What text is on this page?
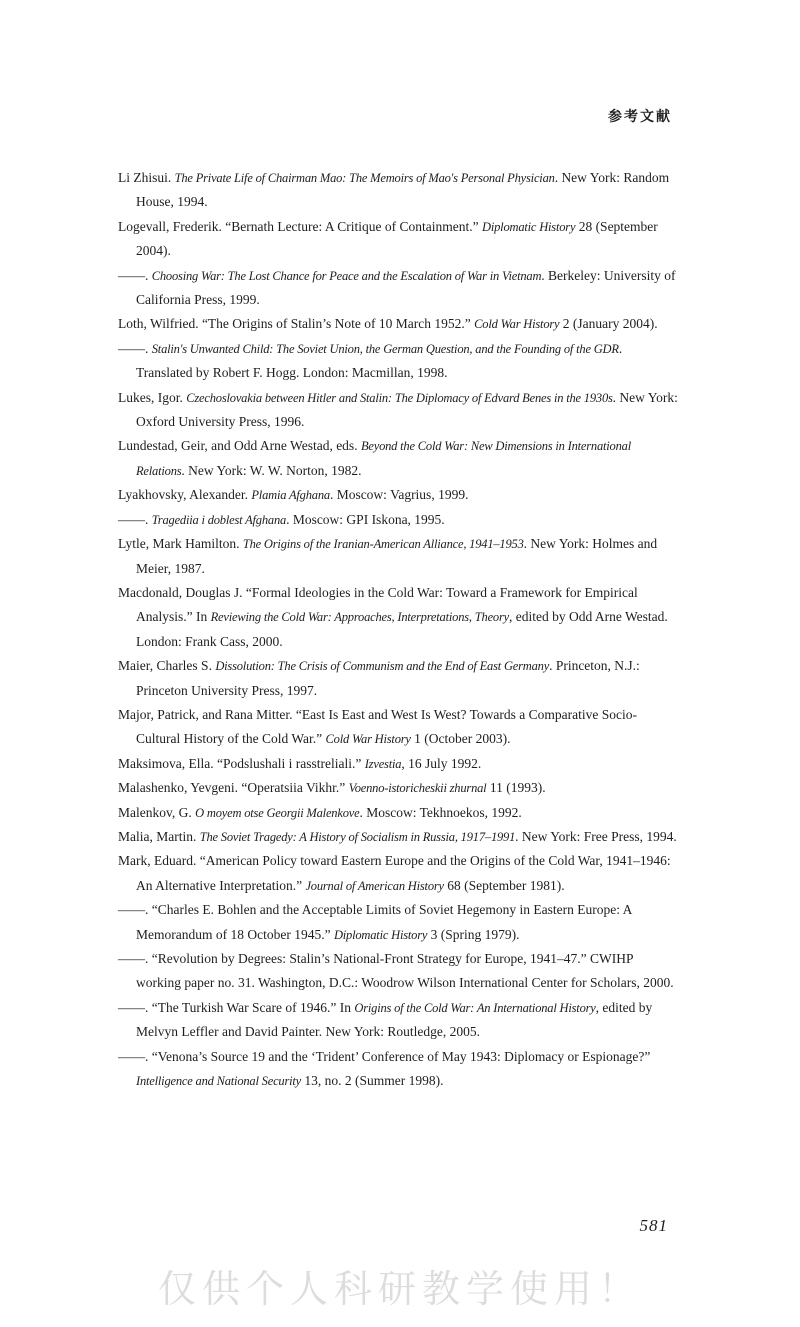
参考文献

Li Zhisui. The Private Life of Chairman Mao: The Memoirs of Mao's Personal Physician. New York: Random House, 1994.

Logevall, Frederik. “Bernath Lecture: A Critique of Containment.” Diplomatic History 28 (September 2004).

——. Choosing War: The Lost Chance for Peace and the Escalation of War in Vietnam. Berkeley: University of California Press, 1999.

Loth, Wilfried. “The Origins of Stalin’s Note of 10 March 1952.” Cold War History 2 (January 2004).

——. Stalin's Unwanted Child: The Soviet Union, the German Question, and the Founding of the GDR. Translated by Robert F. Hogg. London: Macmillan, 1998.

Lukes, Igor. Czechoslovakia between Hitler and Stalin: The Diplomacy of Edvard Benes in the 1930s. New York: Oxford University Press, 1996.

Lundestad, Geir, and Odd Arne Westad, eds. Beyond the Cold War: New Dimensions in International Relations. New York: W. W. Norton, 1982.

Lyakhovsky, Alexander. Plamia Afghana. Moscow: Vagrius, 1999.

——. Tragediia i doblest Afghana. Moscow: GPI Iskona, 1995.

Lytle, Mark Hamilton. The Origins of the Iranian-American Alliance, 1941–1953. New York: Holmes and Meier, 1987.

Macdonald, Douglas J. “Formal Ideologies in the Cold War: Toward a Framework for Empirical Analysis.” In Reviewing the Cold War: Approaches, Interpretations, Theory, edited by Odd Arne Westad. London: Frank Cass, 2000.

Maier, Charles S. Dissolution: The Crisis of Communism and the End of East Germany. Princeton, N.J.: Princeton University Press, 1997.

Major, Patrick, and Rana Mitter. “East Is East and West Is West? Towards a Comparative Socio-Cultural History of the Cold War.” Cold War History 1 (October 2003).

Maksimova, Ella. “Podslushali i rasstreliali.” Izvestia, 16 July 1992.

Malashenko, Yevgeni. “Operatsiia Vikhr.” Voenno-istoricheskii zhurnal 11 (1993).

Malenkov, G. O moyem otse Georgii Malenkove. Moscow: Tekhnoekos, 1992.

Malia, Martin. The Soviet Tragedy: A History of Socialism in Russia, 1917–1991. New York: Free Press, 1994.

Mark, Eduard. “American Policy toward Eastern Europe and the Origins of the Cold War, 1941–1946: An Alternative Interpretation.” Journal of American History 68 (September 1981).

——. “Charles E. Bohlen and the Acceptable Limits of Soviet Hegemony in Eastern Europe: A Memorandum of 18 October 1945.” Diplomatic History 3 (Spring 1979).

——. “Revolution by Degrees: Stalin’s National-Front Strategy for Europe, 1941–47.” CWIHP working paper no. 31. Washington, D.C.: Woodrow Wilson International Center for Scholars, 2000.

——. “The Turkish War Scare of 1946.” In Origins of the Cold War: An International History, edited by Melvyn Leffler and David Painter. New York: Routledge, 2005.

——. “Venona’s Source 19 and the ‘Trident’ Conference of May 1943: Diplomacy or Espionage?” Intelligence and National Security 13, no. 2 (Summer 1998).

581
仅供个人科研教学使用！
